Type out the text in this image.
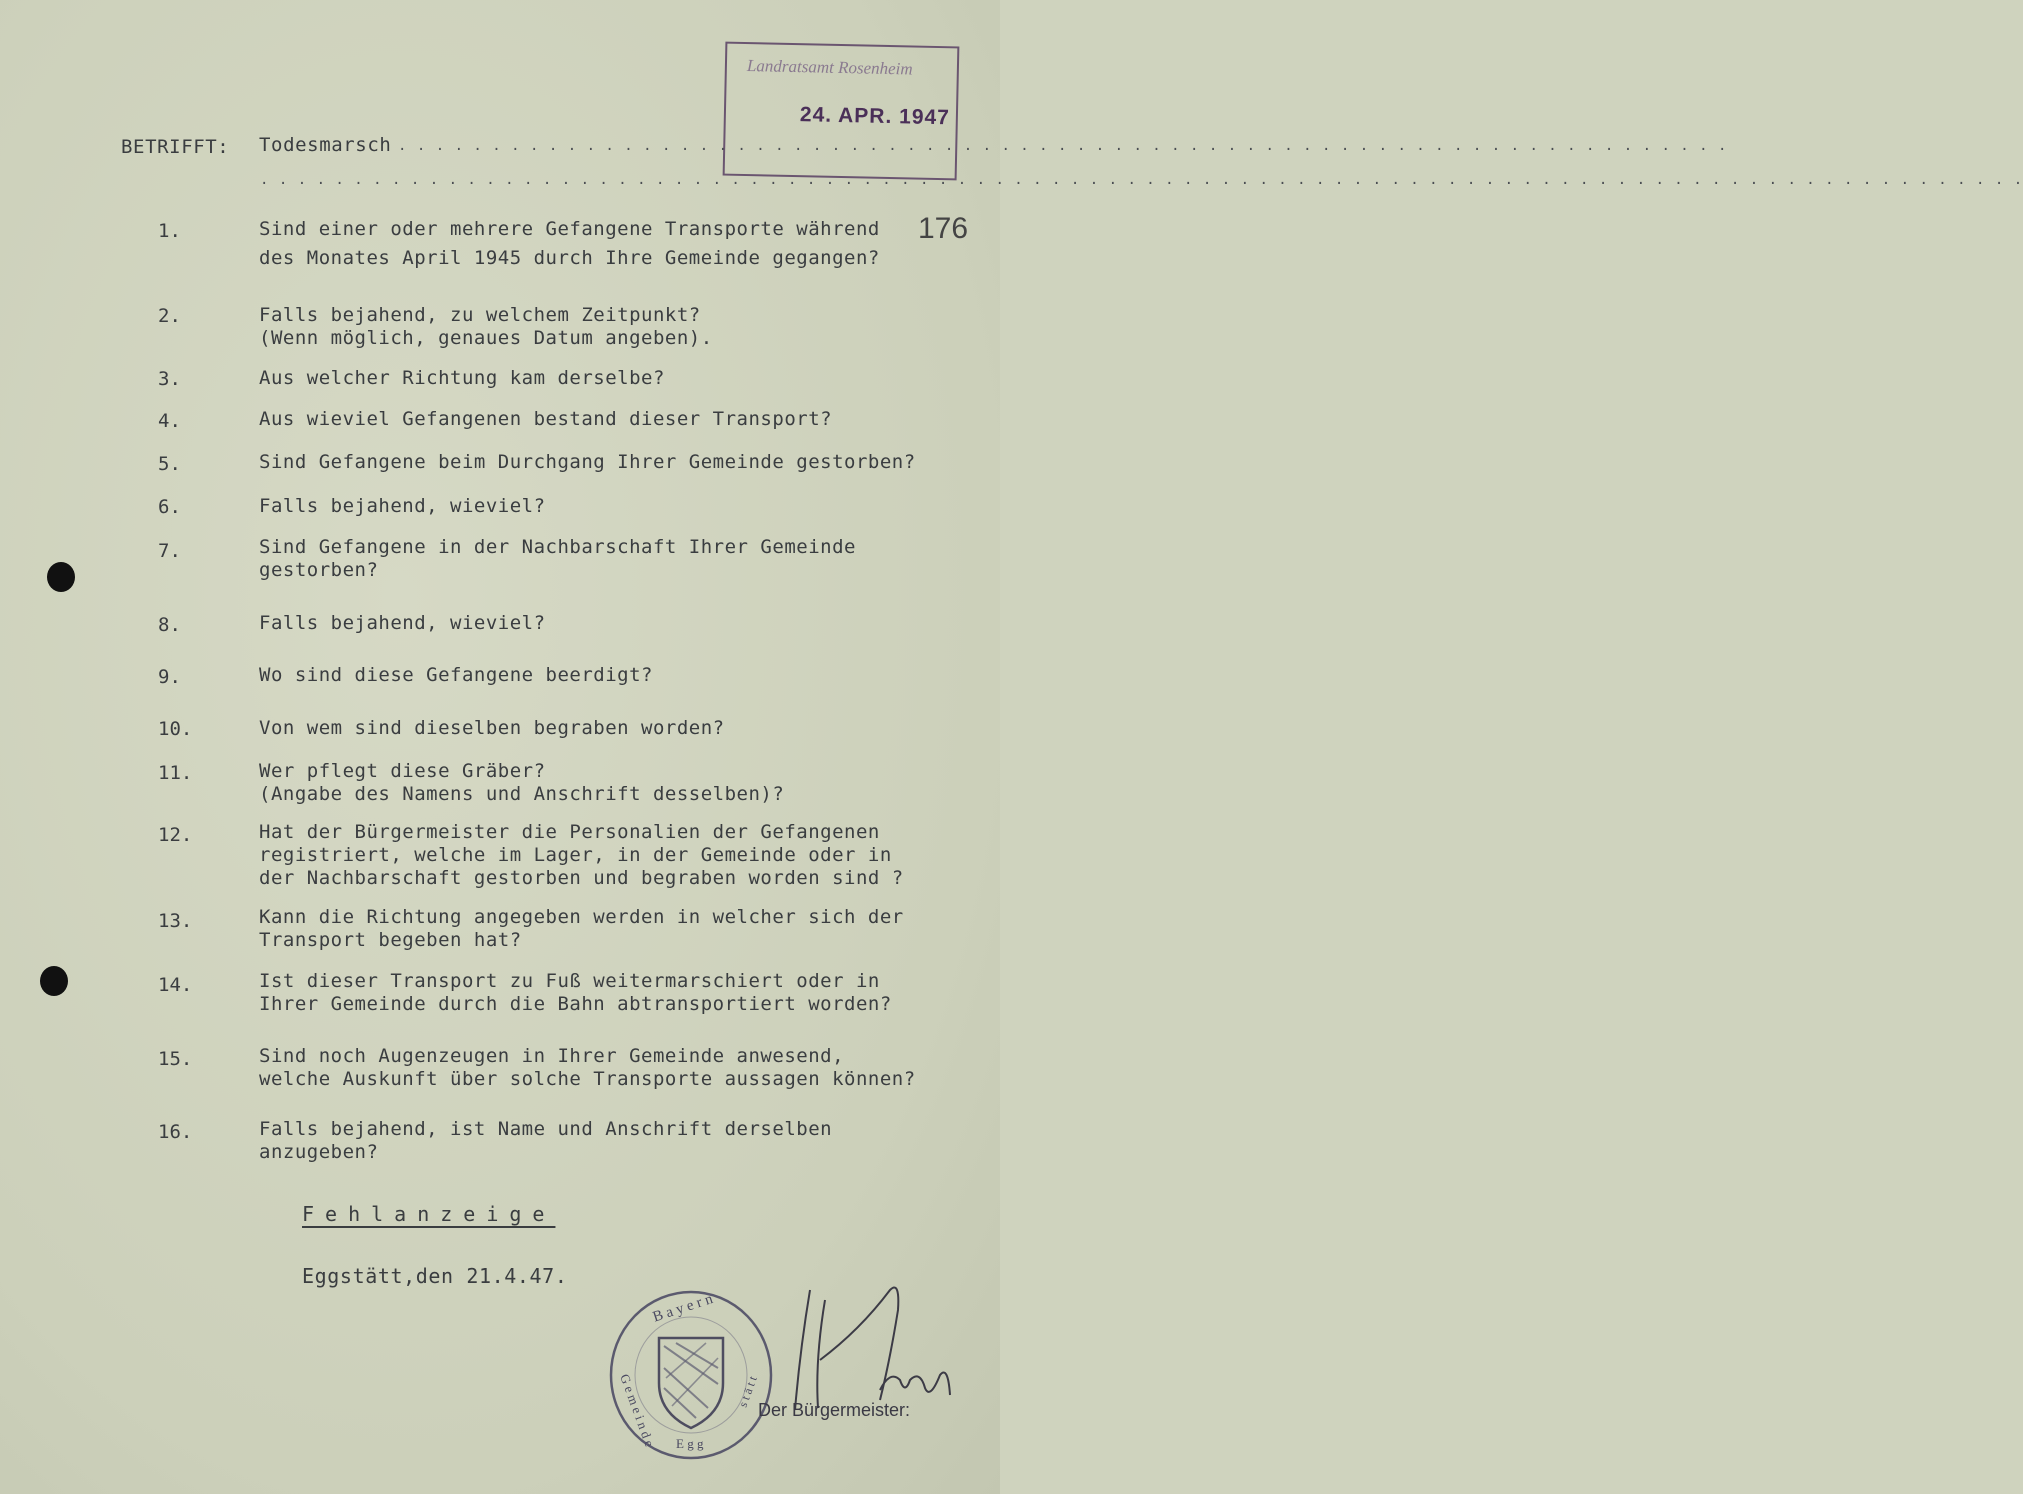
Landratsamt Rosenheim
24. APR. 1947
176
BETRIFFT: Todesmarsch . . . . . . . . . . . . . . . . . . . . . . . . . . . . . . . . . . . . . . . . . . . . . . . . . . . . . . . . . . . . . . . . . . . . . . .
. . . . . . . . . . . . . . . . . . . . . . . . . . . . . . . . . . . . . . . . . . . . . . . . . . . . . . . . . . . . . . . . . . . . . . . . . . . . . . . . . . . . . . . . . . . . . .
1.	Sind einer oder mehrere Gefangene Transporte während
des Monates April 1945 durch Ihre Gemeinde gegangen?
2.	Falls bejahend, zu welchem Zeitpunkt?
(Wenn möglich, genaues Datum angeben).
3.	Aus welcher Richtung kam derselbe?
4.	Aus wieviel Gefangenen bestand dieser Transport?
5.	Sind Gefangene beim Durchgang Ihrer Gemeinde gestorben?
6.	Falls bejahend, wieviel?
7.	Sind Gefangene in der Nachbarschaft Ihrer Gemeinde
gestorben?
8.	Falls bejahend, wieviel?
9.	Wo sind diese Gefangene beerdigt?
10.	Von wem sind dieselben begraben worden?
11.	Wer pflegt diese Gräber?
(Angabe des Namens und Anschrift desselben)?
12.	Hat der Bürgermeister die Personalien der Gefangenen
registriert, welche im Lager, in der Gemeinde oder in
der Nachbarschaft gestorben und begraben worden sind ?
13.	Kann die Richtung angegeben werden in welcher sich der
Transport begeben hat?
14.	Ist dieser Transport zu Fuß weitermarschiert oder in
Ihrer Gemeinde durch die Bahn abtransportiert worden?
15.	Sind noch Augenzeugen in Ihrer Gemeinde anwesend,
welche Auskunft über solche Transporte aussagen können?
16.	Falls bejahend, ist Name und Anschrift derselben
anzugeben?
Fehlanzeige
Eggstätt,den 21.4.47.
B a y e r n
G e m e i n d e E g g
s t ä t t
Der Bürgermeister:
